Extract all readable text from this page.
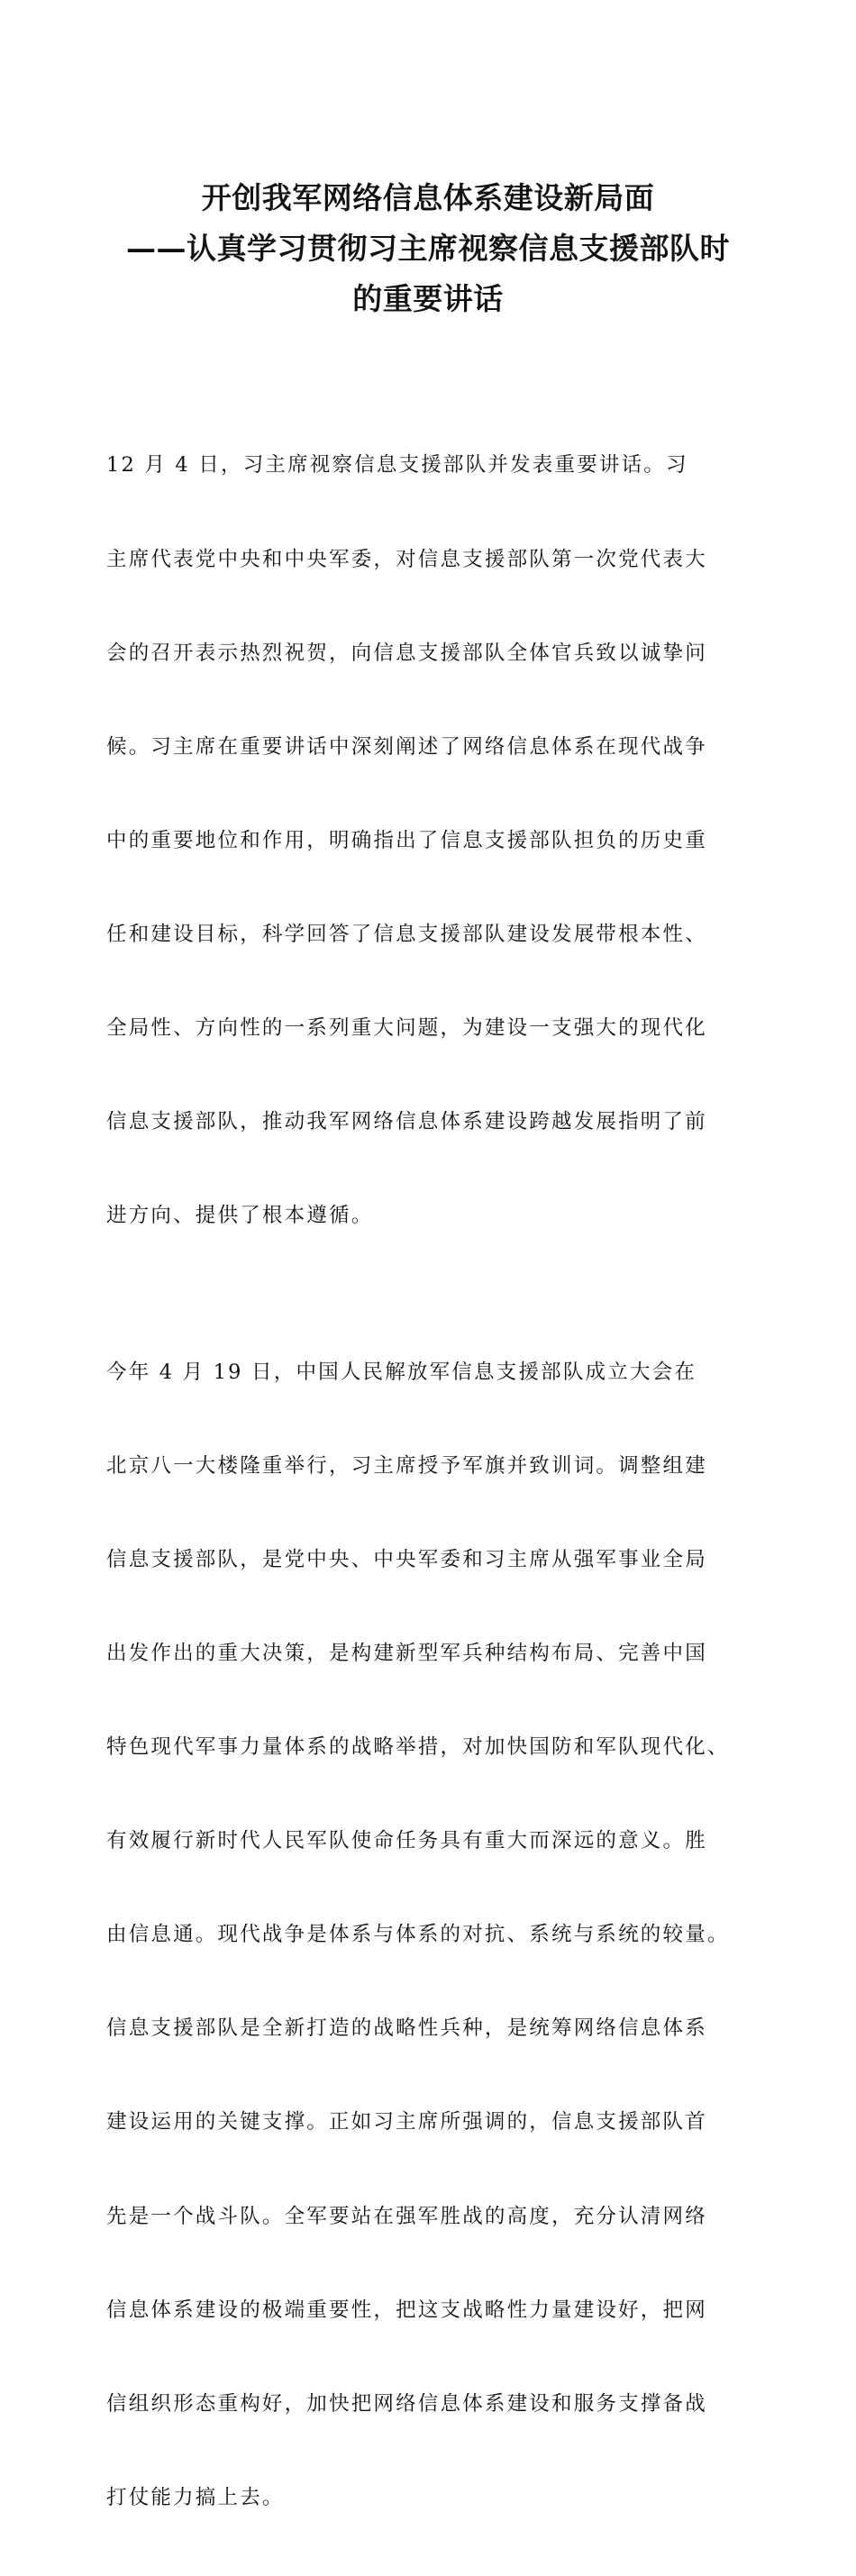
开创我军网络信息体系建设新局面
——认真学习贯彻习主席视察信息支援部队时
的重要讲话

12 月 4 日，习主席视察信息支援部队并发表重要讲话。习

主席代表党中央和中央军委，对信息支援部队第一次党代表大

会的召开表示热烈祝贺，向信息支援部队全体官兵致以诚挚问

候。习主席在重要讲话中深刻阐述了网络信息体系在现代战争

中的重要地位和作用，明确指出了信息支援部队担负的历史重

任和建设目标，科学回答了信息支援部队建设发展带根本性、

全局性、方向性的一系列重大问题，为建设一支强大的现代化

信息支援部队，推动我军网络信息体系建设跨越发展指明了前

进方向、提供了根本遵循。

今年 4 月 19 日，中国人民解放军信息支援部队成立大会在

北京八一大楼隆重举行，习主席授予军旗并致训词。调整组建

信息支援部队，是党中央、中央军委和习主席从强军事业全局

出发作出的重大决策，是构建新型军兵种结构布局、完善中国

特色现代军事力量体系的战略举措，对加快国防和军队现代化、

有效履行新时代人民军队使命任务具有重大而深远的意义。胜

由信息通。现代战争是体系与体系的对抗、系统与系统的较量。

信息支援部队是全新打造的战略性兵种，是统筹网络信息体系

建设运用的关键支撑。正如习主席所强调的，信息支援部队首

先是一个战斗队。全军要站在强军胜战的高度，充分认清网络

信息体系建设的极端重要性，把这支战略性力量建设好，把网

信组织形态重构好，加快把网络信息体系建设和服务支撑备战

打仗能力搞上去。
